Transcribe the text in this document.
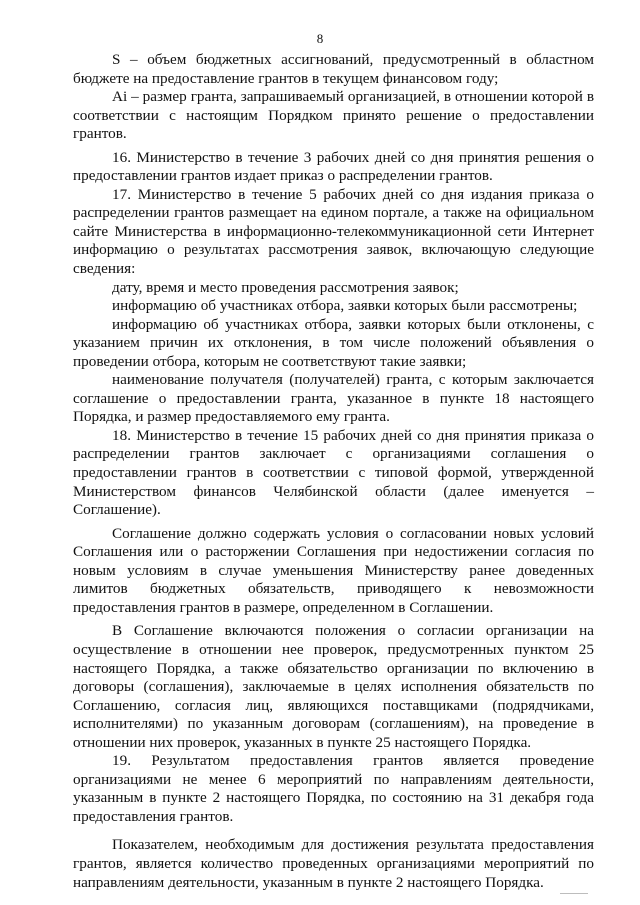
8

S – объем бюджетных ассигнований, предусмотренный в областном бюджете на предоставление грантов в текущем финансовом году;

Ai – размер гранта, запрашиваемый организацией, в отношении которой в соответствии с настоящим Порядком принято решение о предоставлении грантов.

16. Министерство в течение 3 рабочих дней со дня принятия решения о предоставлении грантов издает приказ о распределении грантов.

17. Министерство в течение 5 рабочих дней со дня издания приказа о распределении грантов размещает на едином портале, а также на официальном сайте Министерства в информационно-телекоммуникационной сети Интернет информацию о результатах рассмотрения заявок, включающую следующие сведения:

дату, время и место проведения рассмотрения заявок;

информацию об участниках отбора, заявки которых были рассмотрены;

информацию об участниках отбора, заявки которых были отклонены, с указанием причин их отклонения, в том числе положений объявления о проведении отбора, которым не соответствуют такие заявки;

наименование получателя (получателей) гранта, с которым заключается соглашение о предоставлении гранта, указанное в пункте 18 настоящего Порядка, и размер предоставляемого ему гранта.

18. Министерство в течение 15 рабочих дней со дня принятия приказа о распределении грантов заключает с организациями соглашения о предоставлении грантов в соответствии с типовой формой, утвержденной Министерством финансов Челябинской области (далее именуется – Соглашение).

Соглашение должно содержать условия о согласовании новых условий Соглашения или о расторжении Соглашения при недостижении согласия по новым условиям в случае уменьшения Министерству ранее доведенных лимитов бюджетных обязательств, приводящего к невозможности предоставления грантов в размере, определенном в Соглашении.

В Соглашение включаются положения о согласии организации на осуществление в отношении нее проверок, предусмотренных пунктом 25 настоящего Порядка, а также обязательство организации по включению в договоры (соглашения), заключаемые в целях исполнения обязательств по Соглашению, согласия лиц, являющихся поставщиками (подрядчиками, исполнителями) по указанным договорам (соглашениям), на проведение в отношении них проверок, указанных в пункте 25 настоящего Порядка.

19. Результатом предоставления грантов является проведение организациями не менее 6 мероприятий по направлениям деятельности, указанным в пункте 2 настоящего Порядка, по состоянию на 31 декабря года предоставления грантов.

Показателем, необходимым для достижения результата предоставления грантов, является количество проведенных организациями мероприятий по направлениям деятельности, указанным в пункте 2 настоящего Порядка.
